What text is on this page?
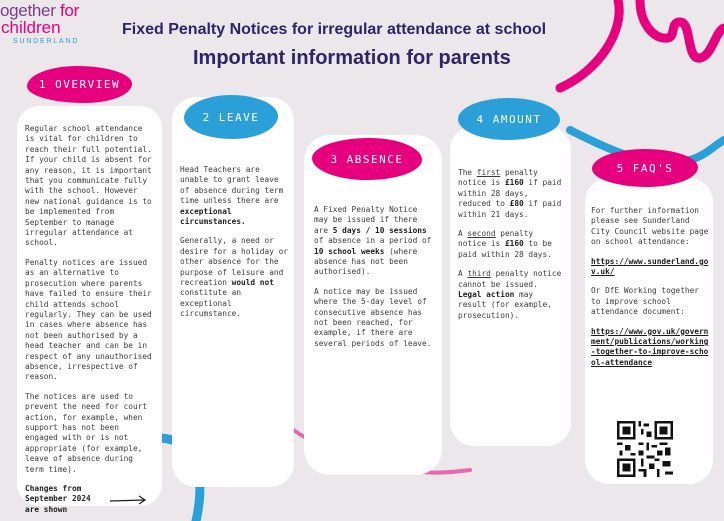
ogether for
children
SUNDERLAND
Fixed Penalty Notices for irregular attendance at school
Important information for parents

Regular school attendance is vital for children to reach their full potential. If your child is absent for any reason, it is important that you communicate fully with the school. However new national guidance is to be implemented from September to manage irregular attendance at school.

Penalty notices are issued as an alternative to prosecution where parents have failed to ensure their child attends school regularly. They can be used in cases where absence has not been authorised by a head teacher and can be in respect of any unauthorised absence, irrespective of reason.

The notices are used to prevent the need for court action, for example, when support has not been engaged with or is not appropriate (for example, leave of absence during term time).

Changes from September 2024 are shown
1 OVERVIEW

Head Teachers are unable to grant leave of absence during term time unless there are exceptional circumstances.

Generally, a need or desire for a holiday or other absence for the purpose of leisure and recreation would not constitute an exceptional circumstance.

2 LEAVE

A Fixed Penalty Notice may be issued if there are 5 days / 10 sessions of absence in a period of 10 school weeks (where absence has not been authorised).

A notice may be issued where the 5-day level of consecutive absence has not been reached, for example, if there are several periods of leave.

3 ABSENCE

The first penalty notice is £160 if paid within 28 days, reduced to £80 if paid within 21 days.

A second penalty notice is £160 to be paid within 28 days.

A third penalty notice cannot be issued. Legal action may result (for example, prosecution).

4 AMOUNT

For further information please see Sunderland City Council website page on school attendance:

https://www.sunderland.gov.uk/

Or DfE Working together to improve school attendance document:

https://www.gov.uk/government/publications/working-together-to-improve-school-attendance

5 FAQ'S
